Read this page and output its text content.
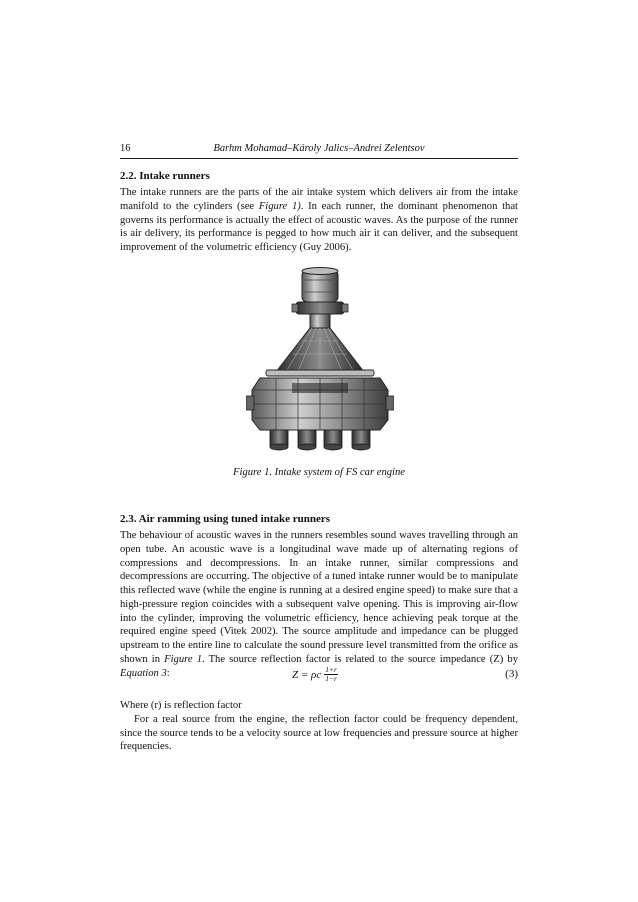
16	Barhm Mohamad–Károly Jalics–Andrei Zelentsov
2.2. Intake runners

The intake runners are the parts of the air intake system which delivers air from the intake manifold to the cylinders (see Figure 1). In each runner, the dominant phenomenon that governs its performance is actually the effect of acoustic waves. As the purpose of the runner is air delivery, its performance is pegged to how much air it can deliver, and the subsequent improvement of the volumetric efficiency (Guy 2006).

Figure 1. Intake system of FS car engine
2.3. Air ramming using tuned intake runners

The behaviour of acoustic waves in the runners resembles sound waves travelling through an open tube. An acoustic wave is a longitudinal wave made up of alternating regions of compressions and decompressions. In an intake runner, similar compressions and decompressions are occurring. The objective of a tuned intake runner would be to manipulate this reflected wave (while the engine is running at a desired engine speed) to make sure that a high-pressure region coincides with a subsequent valve opening. This is improving air-flow into the cylinder, improving the volumetric efficiency, hence achieving peak torque at the required engine speed (Vitek 2002). The source amplitude and impedance can be plugged upstream to the entire line to calculate the sound pressure level transmitted from the orifice as shown in Figure 1. The source reflection factor is related to the source impedance (Z) by Equation 3:	Z = ρc $\frac{1+r}{1-r}$	(3)

Where (r) is reflection factor

For a real source from the engine, the reflection factor could be frequency dependent, since the source tends to be a velocity source at low frequencies and pressure source at higher frequencies.
